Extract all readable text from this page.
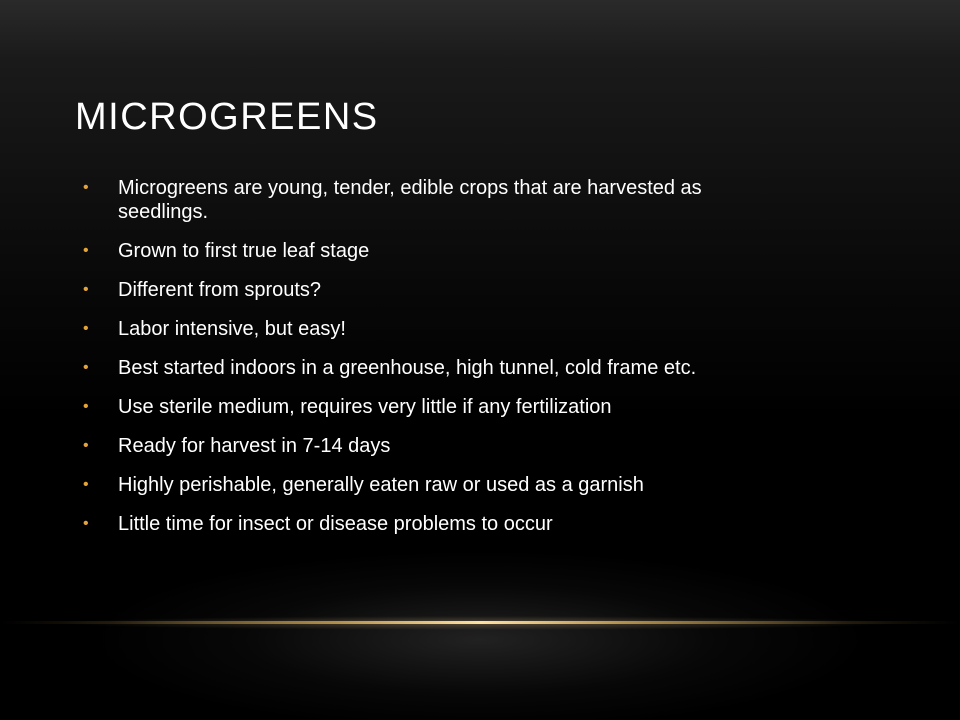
MICROGREENS
• Microgreens are young, tender, edible crops that are harvested as seedlings.
• Grown to first true leaf stage
• Different from sprouts?
• Labor intensive, but easy!
• Best started indoors in a greenhouse, high tunnel, cold frame etc.
• Use sterile medium, requires very little if any fertilization
• Ready for harvest in 7-14 days
• Highly perishable, generally eaten raw or used as a garnish
• Little time for insect or disease problems to occur
